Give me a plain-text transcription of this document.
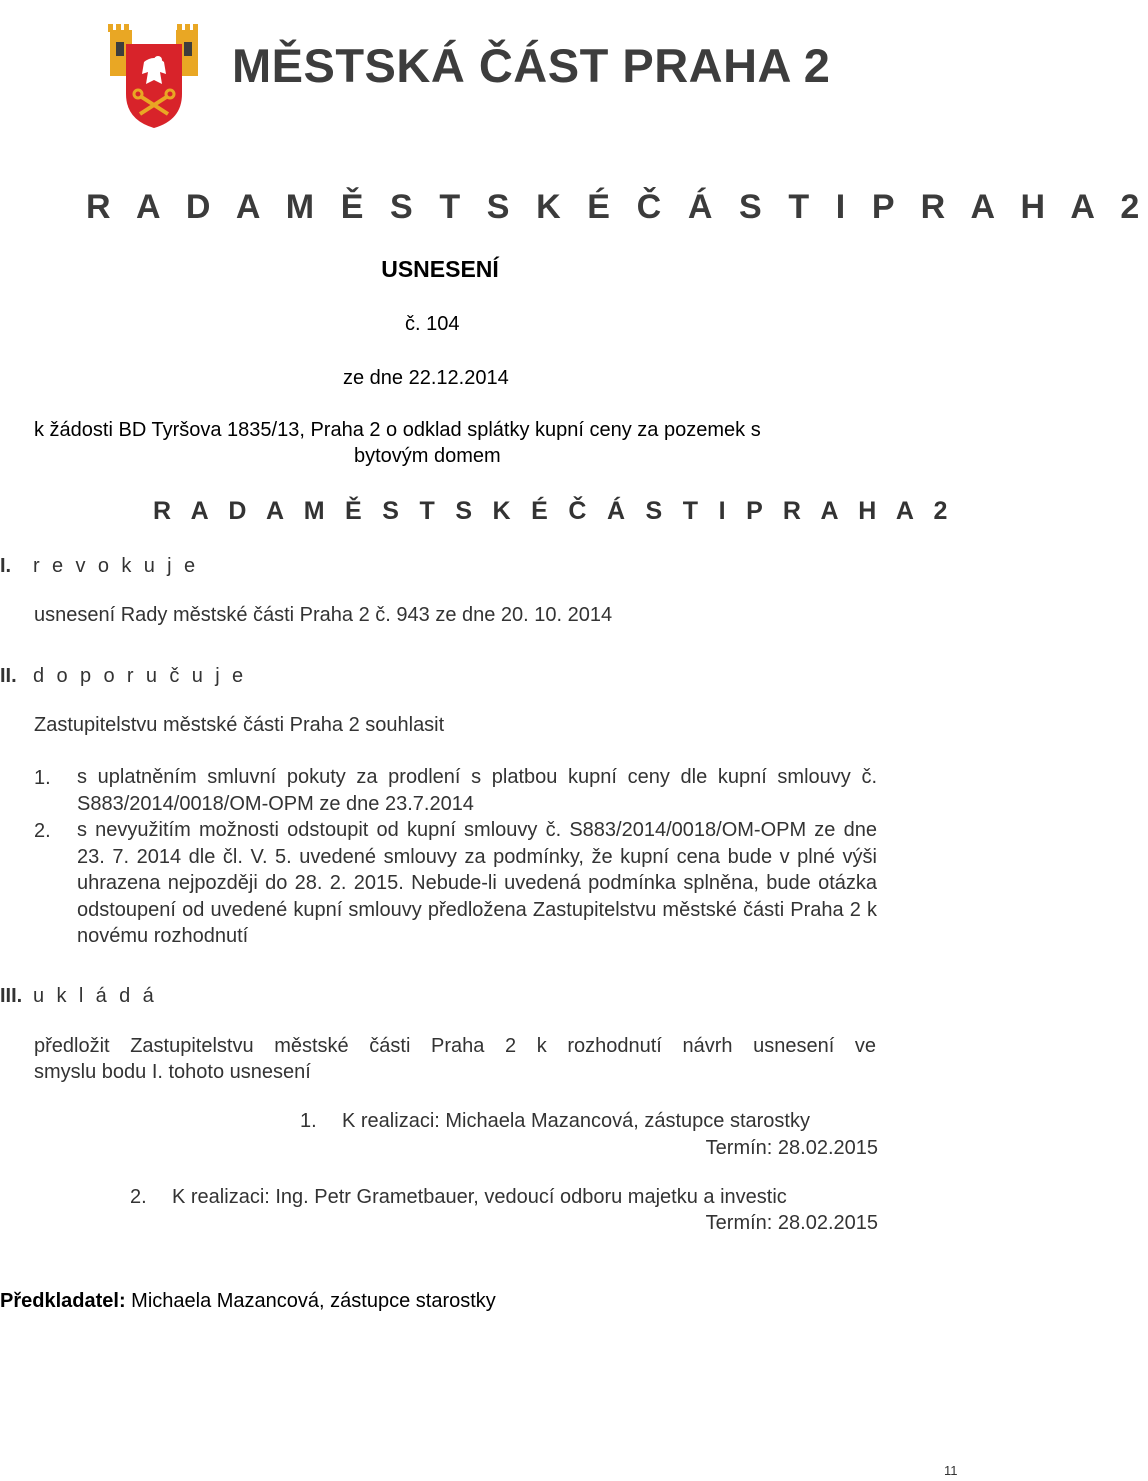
MĚSTSKÁ ČÁST PRAHA 2
R A D A M Ě S T S K É Č Á S T I P R A H A 2
USNESENÍ
č. 104
ze dne 22.12.2014
k žádosti BD Tyršova 1835/13, Praha 2 o odklad splátky kupní ceny za pozemek s
bytovým domem
R A D A M Ě S T S K É Č Á S T I P R A H A 2
I. r e v o k u j e
usnesení Rady městské části Praha 2 č. 943 ze dne 20. 10. 2014
II. d o p o r u č u j e
Zastupitelstvu městské části Praha 2 souhlasit
1. s uplatněním smluvní pokuty za prodlení s platbou kupní ceny dle kupní smlouvy č. S883/2014/0018/OM-OPM ze dne 23.7.2014
2. s nevyužitím možnosti odstoupit od kupní smlouvy č. S883/2014/0018/OM-OPM ze dne 23. 7. 2014 dle čl. V. 5. uvedené smlouvy za podmínky, že kupní cena bude v plné výši uhrazena nejpozději do 28. 2. 2015. Nebude-li uvedená podmínka splněna, bude otázka odstoupení od uvedené kupní smlouvy předložena Zastupitelstvu městské části Praha 2 k novému rozhodnutí
III. u k l á d á
předložit Zastupitelstvu městské části Praha 2 k rozhodnutí návrh usnesení ve
smyslu bodu I. tohoto usnesení
1. K realizaci: Michaela Mazancová, zástupce starostky
Termín: 28.02.2015
2. K realizaci: Ing. Petr Grametbauer, vedoucí odboru majetku a investic
Termín: 28.02.2015
Předkladatel: Michaela Mazancová, zástupce starostky
11
